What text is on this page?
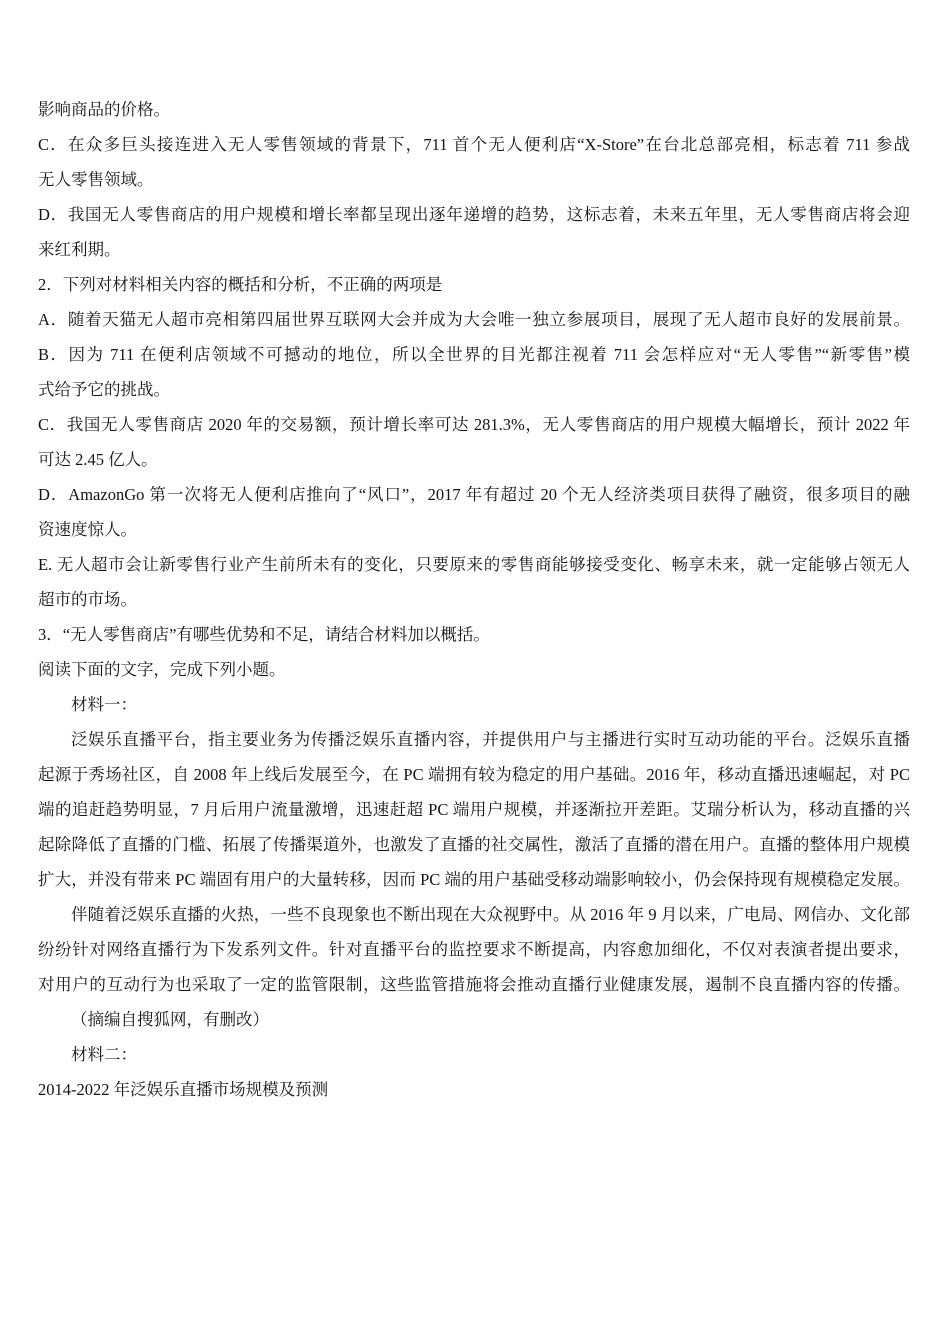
影响商品的价格。
C．在众多巨头接连进入无人零售领域的背景下，711 首个无人便利店“X-Store”在台北总部亮相，标志着 711 参战
无人零售领域。
D．我国无人零售商店的用户规模和增长率都呈现出逐年递增的趋势，这标志着，未来五年里，无人零售商店将会迎
来红利期。
2．下列对材料相关内容的概括和分析，不正确的两项是
A．随着天猫无人超市亮相第四届世界互联网大会并成为大会唯一独立参展项目，展现了无人超市良好的发展前景。
B．因为 711 在便利店领域不可撼动的地位，所以全世界的目光都注视着 711 会怎样应对“无人零售”“新零售”模
式给予它的挑战。
C．我国无人零售商店 2020 年的交易额，预计增长率可达 281.3%，无人零售商店的用户规模大幅增长，预计 2022 年
可达 2.45 亿人。
D．AmazonGo 第一次将无人便利店推向了“风口”，2017 年有超过 20 个无人经济类项目获得了融资，很多项目的融
资速度惊人。
E. 无人超市会让新零售行业产生前所未有的变化，只要原来的零售商能够接受变化、畅享未来，就一定能够占领无人
超市的市场。
3．“无人零售商店”有哪些优势和不足，请结合材料加以概括。
阅读下面的文字，完成下列小题。
材料一：
泛娱乐直播平台，指主要业务为传播泛娱乐直播内容，并提供用户与主播进行实时互动功能的平台。泛娱乐直播
起源于秀场社区，自 2008 年上线后发展至今，在 PC 端拥有较为稳定的用户基础。2016 年，移动直播迅速崛起，对 PC
端的追赶趋势明显，7 月后用户流量激增，迅速赶超 PC 端用户规模，并逐渐拉开差距。艾瑞分析认为，移动直播的兴
起除降低了直播的门槛、拓展了传播渠道外，也激发了直播的社交属性，激活了直播的潜在用户。直播的整体用户规模
扩大，并没有带来 PC 端固有用户的大量转移，因而 PC 端的用户基础受移动端影响较小，仍会保持现有规模稳定发展。
伴随着泛娱乐直播的火热，一些不良现象也不断出现在大众视野中。从 2016 年 9 月以来，广电局、网信办、文化部
纷纷针对网络直播行为下发系列文件。针对直播平台的监控要求不断提高，内容愈加细化，不仅对表演者提出要求，
对用户的互动行为也采取了一定的监管限制，这些监管措施将会推动直播行业健康发展，遏制不良直播内容的传播。
（摘编自搜狐网，有删改）
材料二：
2014-2022 年泛娱乐直播市场规模及预测
